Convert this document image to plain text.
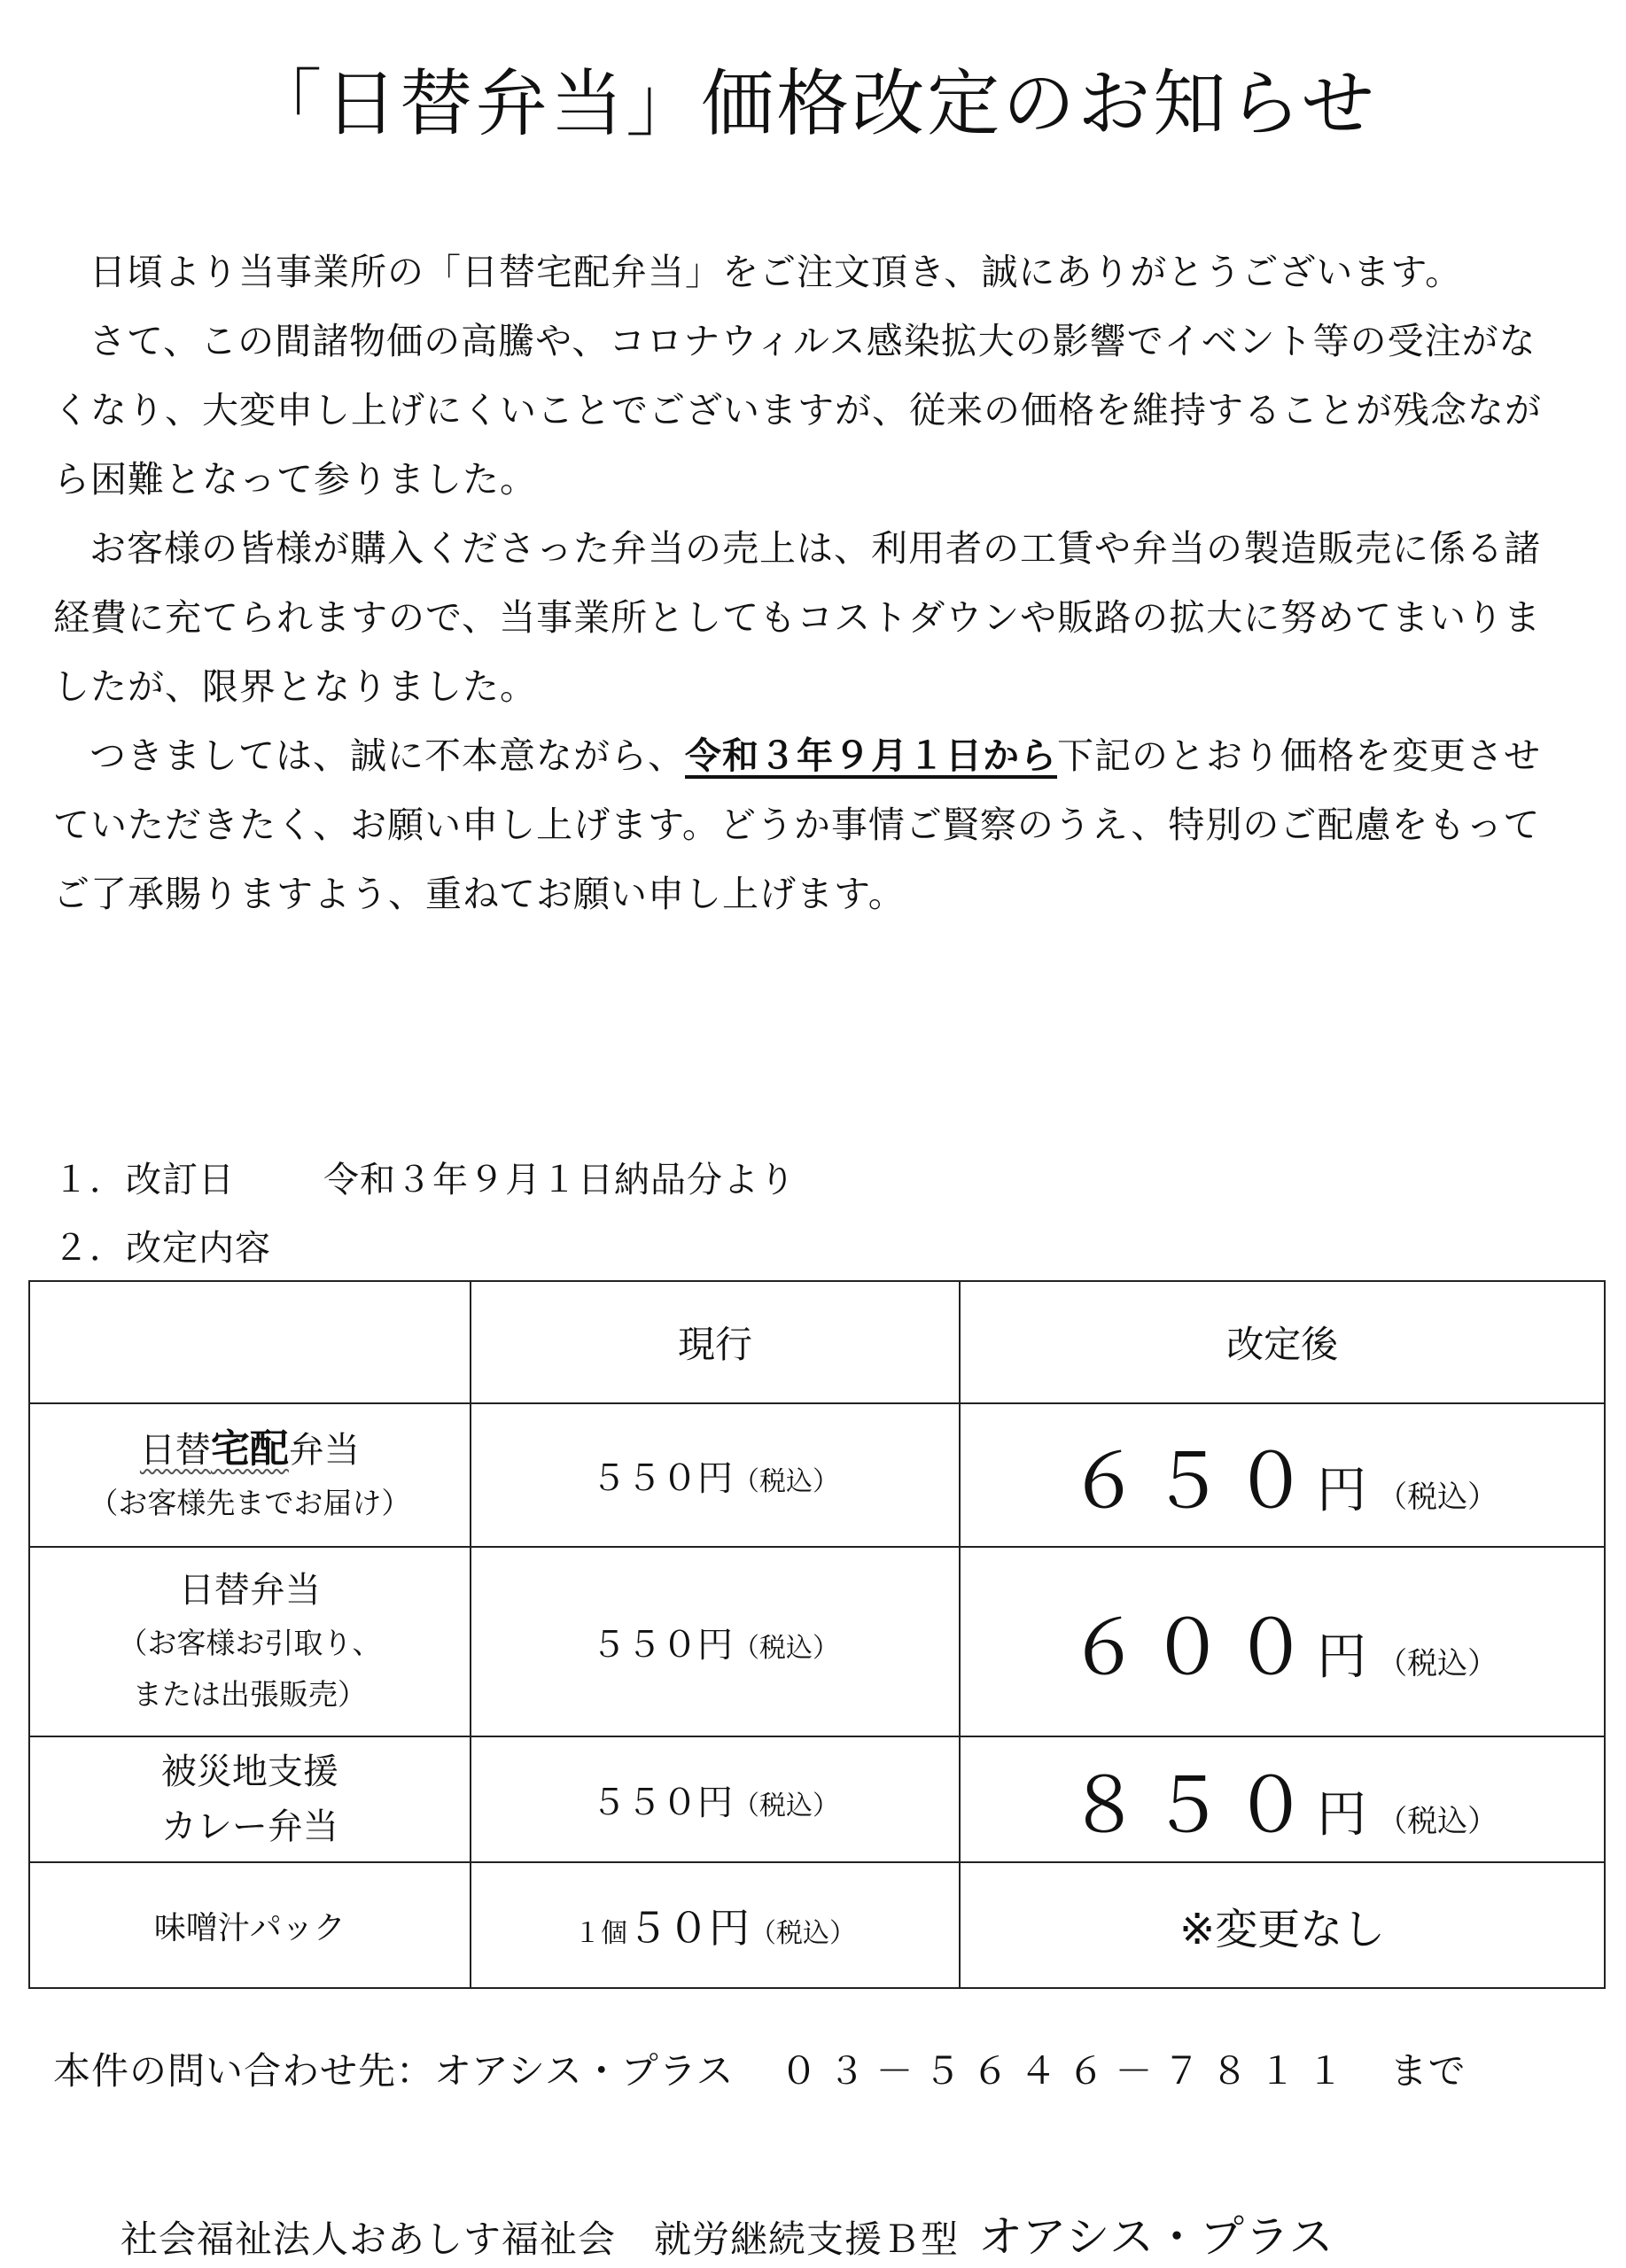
「日替弁当」価格改定のお知らせ

日頃より当事業所の「日替宅配弁当」をご注文頂き、誠にありがとうございます。

さて、この間諸物価の高騰や、コロナウィルス感染拡大の影響でイベント等の受注がなくなり、大変申し上げにくいことでございますが、従来の価格を維持することが残念ながら困難となって参りました。

お客様の皆様が購入くださった弁当の売上は、利用者の工賃や弁当の製造販売に係る諸経費に充てられますので、当事業所としてもコストダウンや販路の拡大に努めてまいりましたが、限界となりました。

つきましては、誠に不本意ながら、令和３年９月１日から下記のとおり価格を変更させていただきたく、お願い申し上げます。どうか事情ご賢察のうえ、特別のご配慮をもってご了承賜りますよう、重ねてお願い申し上げます。

１．改訂日	令和３年９月１日納品分より
２．改定内容
	現行	改定後

日替宅配弁当
（お客様先までお届け）	５５０円（税込）	６５０円 （税込）

日替弁当
（お客様お引取り、
または出張販売）	５５０円（税込）	６００円 （税込）

被災地支援
カレー弁当	５５０円（税込）	８５０円 （税込）

味噌汁パック	１個５０円（税込）	※変更なし
本件の問い合わせ先：オアシス・プラス ０３－５６４６－７８１１ まで
社会福祉法人おあしす福祉会　就労継続支援Ｂ型 オアシス・プラス
